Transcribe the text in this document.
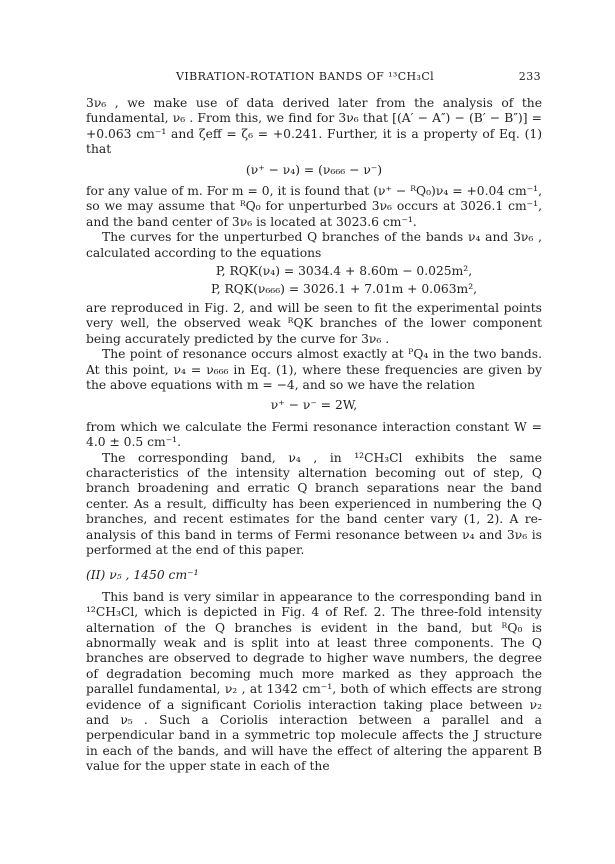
VIBRATION-ROTATION BANDS OF ¹³CH₃Cl	233

3ν₆ , we make use of data derived later from the analysis of the fundamental, ν₆ . From this, we find for 3ν₆ that [(A′ − A″) − (B′ − B″)] = +0.063 cm⁻¹ and ζeff = ζ₆ = +0.241. Further, it is a property of Eq. (1) that

(ν⁺ − ν₄) = (ν₆₆₆ − ν⁻)

for any value of m. For m = 0, it is found that (ν⁺ − ᴿQ₀)ν₄ = +0.04 cm⁻¹, so we may assume that ᴿQ₀ for unperturbed 3ν₆ occurs at 3026.1 cm⁻¹, and the band center of 3ν₆ is located at 3023.6 cm⁻¹.

The curves for the unperturbed Q branches of the bands ν₄ and 3ν₆ , calculated according to the equations

P, RQK(ν₄) = 3034.4 + 8.60m − 0.025m²,
P, RQK(ν₆₆₆) = 3026.1 + 7.01m + 0.063m²,

are reproduced in Fig. 2, and will be seen to fit the experimental points very well, the observed weak ᴿQK branches of the lower component being accurately predicted by the curve for 3ν₆ .

The point of resonance occurs almost exactly at ᴾQ₄ in the two bands. At this point, ν₄ = ν₆₆₆ in Eq. (1), where these frequencies are given by the above equations with m = −4, and so we have the relation

ν⁺ − ν⁻ = 2W,

from which we calculate the Fermi resonance interaction constant W = 4.0 ± 0.5 cm⁻¹.

The corresponding band, ν₄ , in ¹²CH₃Cl exhibits the same characteristics of the intensity alternation becoming out of step, Q branch broadening and erratic Q branch separations near the band center. As a result, difficulty has been experienced in numbering the Q branches, and recent estimates for the band center vary (1, 2). A re-analysis of this band in terms of Fermi resonance between ν₄ and 3ν₆ is performed at the end of this paper.

(II) ν₅ , 1450 cm⁻¹

This band is very similar in appearance to the corresponding band in ¹²CH₃Cl, which is depicted in Fig. 4 of Ref. 2. The three-fold intensity alternation of the Q branches is evident in the band, but ᴿQ₀ is abnormally weak and is split into at least three components. The Q branches are observed to degrade to higher wave numbers, the degree of degradation becoming much more marked as they approach the parallel fundamental, ν₂ , at 1342 cm⁻¹, both of which effects are strong evidence of a significant Coriolis interaction taking place between ν₂ and ν₅ . Such a Coriolis interaction between a parallel and a perpendicular band in a symmetric top molecule affects the J structure in each of the bands, and will have the effect of altering the apparent B value for the upper state in each of the
